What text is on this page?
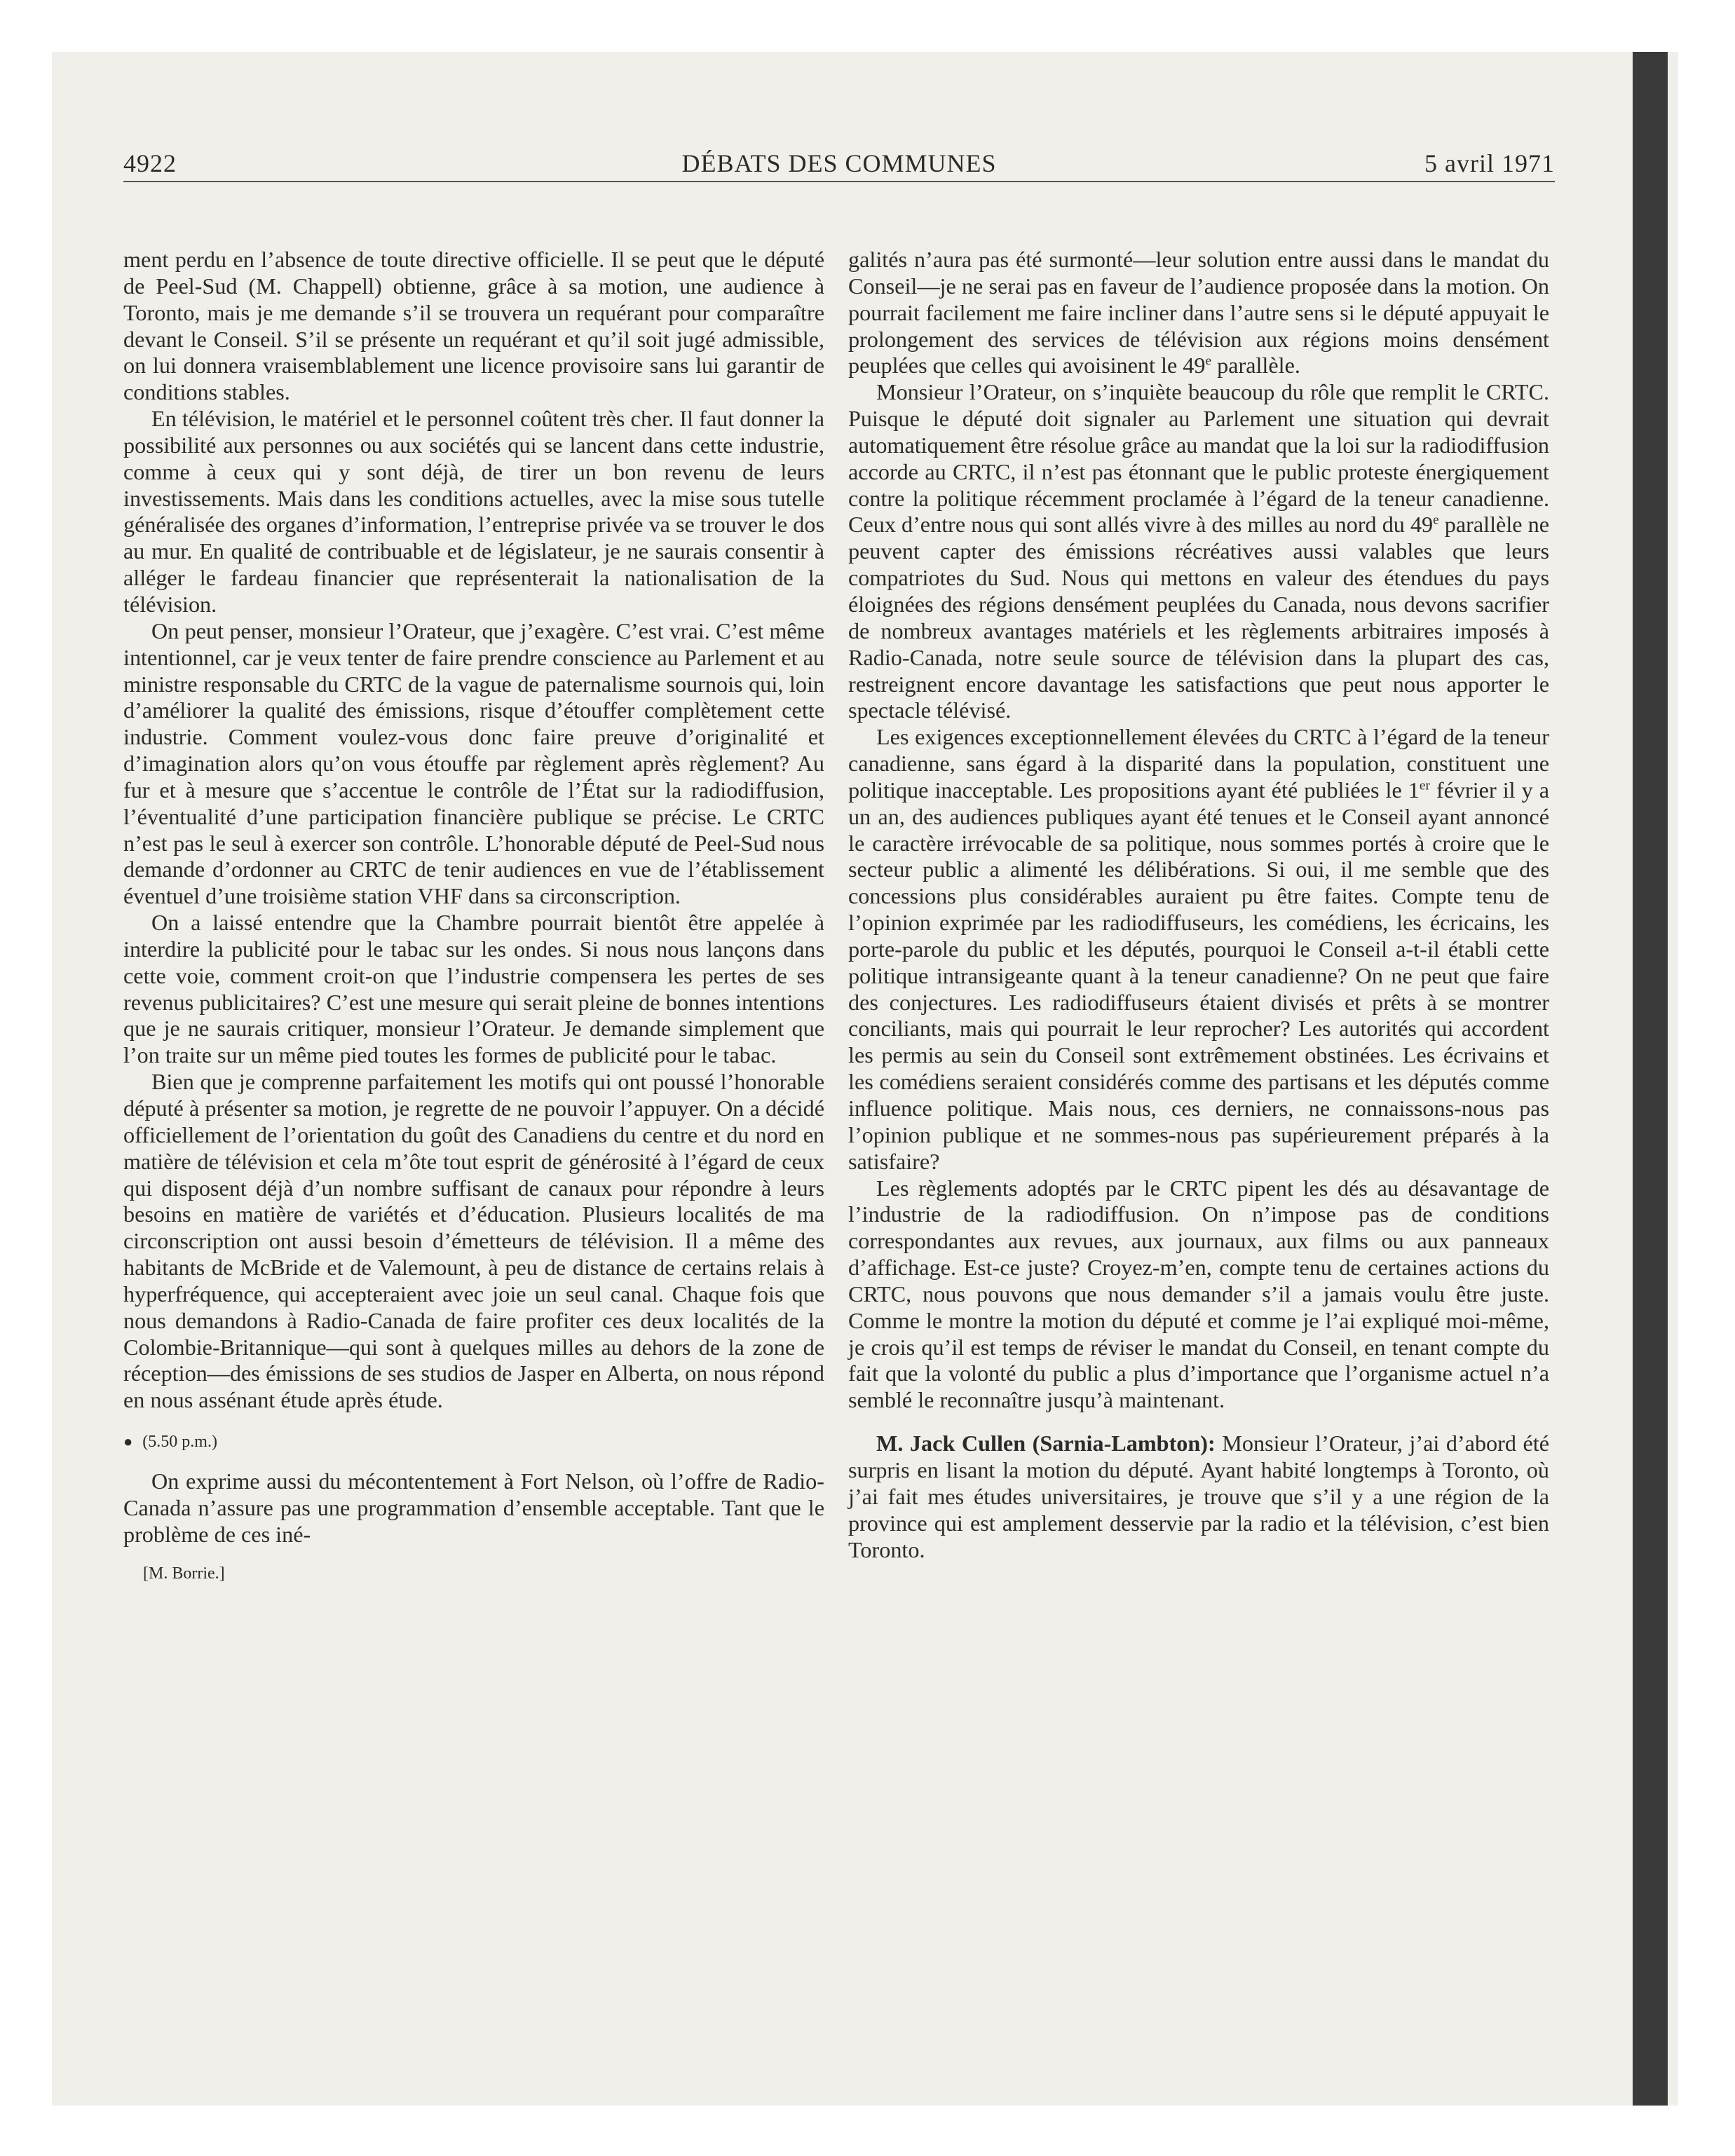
4922	DÉBATS DES COMMUNES	5 avril 1971

ment perdu en l’absence de toute directive officielle. Il se peut que le député de Peel-Sud (M. Chappell) obtienne, grâce à sa motion, une audience à Toronto, mais je me demande s’il se trouvera un requérant pour comparaître devant le Conseil. S’il se présente un requérant et qu’il soit jugé admissible, on lui donnera vraisemblablement une licence provisoire sans lui garantir de conditions stables.

En télévision, le matériel et le personnel coûtent très cher. Il faut donner la possibilité aux personnes ou aux sociétés qui se lancent dans cette industrie, comme à ceux qui y sont déjà, de tirer un bon revenu de leurs investissements. Mais dans les conditions actuelles, avec la mise sous tutelle généralisée des organes d’information, l’entreprise privée va se trouver le dos au mur. En qualité de contribuable et de législateur, je ne saurais consentir à alléger le fardeau financier que représenterait la nationalisation de la télévision.

On peut penser, monsieur l’Orateur, que j’exagère. C’est vrai. C’est même intentionnel, car je veux tenter de faire prendre conscience au Parlement et au ministre responsable du CRTC de la vague de paternalisme sournois qui, loin d’améliorer la qualité des émissions, risque d’étouffer complètement cette industrie. Comment voulez-vous donc faire preuve d’originalité et d’imagination alors qu’on vous étouffe par règlement après règlement? Au fur et à mesure que s’accentue le contrôle de l’État sur la radiodiffusion, l’éventualité d’une participation financière publique se précise. Le CRTC n’est pas le seul à exercer son contrôle. L’honorable député de Peel-Sud nous demande d’ordonner au CRTC de tenir audiences en vue de l’établissement éventuel d’une troisième station VHF dans sa circonscription.

On a laissé entendre que la Chambre pourrait bientôt être appelée à interdire la publicité pour le tabac sur les ondes. Si nous nous lançons dans cette voie, comment croit-on que l’industrie compensera les pertes de ses revenus publicitaires? C’est une mesure qui serait pleine de bonnes intentions que je ne saurais critiquer, monsieur l’Orateur. Je demande simplement que l’on traite sur un même pied toutes les formes de publicité pour le tabac.

Bien que je comprenne parfaitement les motifs qui ont poussé l’honorable député à présenter sa motion, je regrette de ne pouvoir l’appuyer. On a décidé officiellement de l’orientation du goût des Canadiens du centre et du nord en matière de télévision et cela m’ôte tout esprit de générosité à l’égard de ceux qui disposent déjà d’un nombre suffisant de canaux pour répondre à leurs besoins en matière de variétés et d’éducation. Plusieurs localités de ma circonscription ont aussi besoin d’émetteurs de télévision. Il a même des habitants de McBride et de Valemount, à peu de distance de certains relais à hyperfréquence, qui accepteraient avec joie un seul canal. Chaque fois que nous demandons à Radio-Canada de faire profiter ces deux localités de la Colombie-Britannique—qui sont à quelques milles au dehors de la zone de réception—des émissions de ses studios de Jasper en Alberta, on nous répond en nous assénant étude après étude.

● (5.50 p.m.)

On exprime aussi du mécontentement à Fort Nelson, où l’offre de Radio-Canada n’assure pas une programmation d’ensemble acceptable. Tant que le problème de ces iné-

[M. Borrie.]

galités n’aura pas été surmonté—leur solution entre aussi dans le mandat du Conseil—je ne serai pas en faveur de l’audience proposée dans la motion. On pourrait facilement me faire incliner dans l’autre sens si le député appuyait le prolongement des services de télévision aux régions moins densément peuplées que celles qui avoisinent le 49e parallèle.

Monsieur l’Orateur, on s’inquiète beaucoup du rôle que remplit le CRTC. Puisque le député doit signaler au Parlement une situation qui devrait automatiquement être résolue grâce au mandat que la loi sur la radiodiffusion accorde au CRTC, il n’est pas étonnant que le public proteste énergiquement contre la politique récemment proclamée à l’égard de la teneur canadienne. Ceux d’entre nous qui sont allés vivre à des milles au nord du 49e parallèle ne peuvent capter des émissions récréatives aussi valables que leurs compatriotes du Sud. Nous qui mettons en valeur des étendues du pays éloignées des régions densément peuplées du Canada, nous devons sacrifier de nombreux avantages matériels et les règlements arbitraires imposés à Radio-Canada, notre seule source de télévision dans la plupart des cas, restreignent encore davantage les satisfactions que peut nous apporter le spectacle télévisé.

Les exigences exceptionnellement élevées du CRTC à l’égard de la teneur canadienne, sans égard à la disparité dans la population, constituent une politique inacceptable. Les propositions ayant été publiées le 1er février il y a un an, des audiences publiques ayant été tenues et le Conseil ayant annoncé le caractère irrévocable de sa politique, nous sommes portés à croire que le secteur public a alimenté les délibérations. Si oui, il me semble que des concessions plus considérables auraient pu être faites. Compte tenu de l’opinion exprimée par les radiodiffuseurs, les comédiens, les écricains, les porte-parole du public et les députés, pourquoi le Conseil a-t-il établi cette politique intransigeante quant à la teneur canadienne? On ne peut que faire des conjectures. Les radiodiffuseurs étaient divisés et prêts à se montrer conciliants, mais qui pourrait le leur reprocher? Les autorités qui accordent les permis au sein du Conseil sont extrêmement obstinées. Les écrivains et les comédiens seraient considérés comme des partisans et les députés comme influence politique. Mais nous, ces derniers, ne connaissons-nous pas l’opinion publique et ne sommes-nous pas supérieurement préparés à la satisfaire?

Les règlements adoptés par le CRTC pipent les dés au désavantage de l’industrie de la radiodiffusion. On n’impose pas de conditions correspondantes aux revues, aux journaux, aux films ou aux panneaux d’affichage. Est-ce juste? Croyez-m’en, compte tenu de certaines actions du CRTC, nous pouvons que nous demander s’il a jamais voulu être juste. Comme le montre la motion du député et comme je l’ai expliqué moi-même, je crois qu’il est temps de réviser le mandat du Conseil, en tenant compte du fait que la volonté du public a plus d’importance que l’organisme actuel n’a semblé le reconnaître jusqu’à maintenant.

M. Jack Cullen (Sarnia-Lambton): Monsieur l’Orateur, j’ai d’abord été surpris en lisant la motion du député. Ayant habité longtemps à Toronto, où j’ai fait mes études universitaires, je trouve que s’il y a une région de la province qui est amplement desservie par la radio et la télévision, c’est bien Toronto.
